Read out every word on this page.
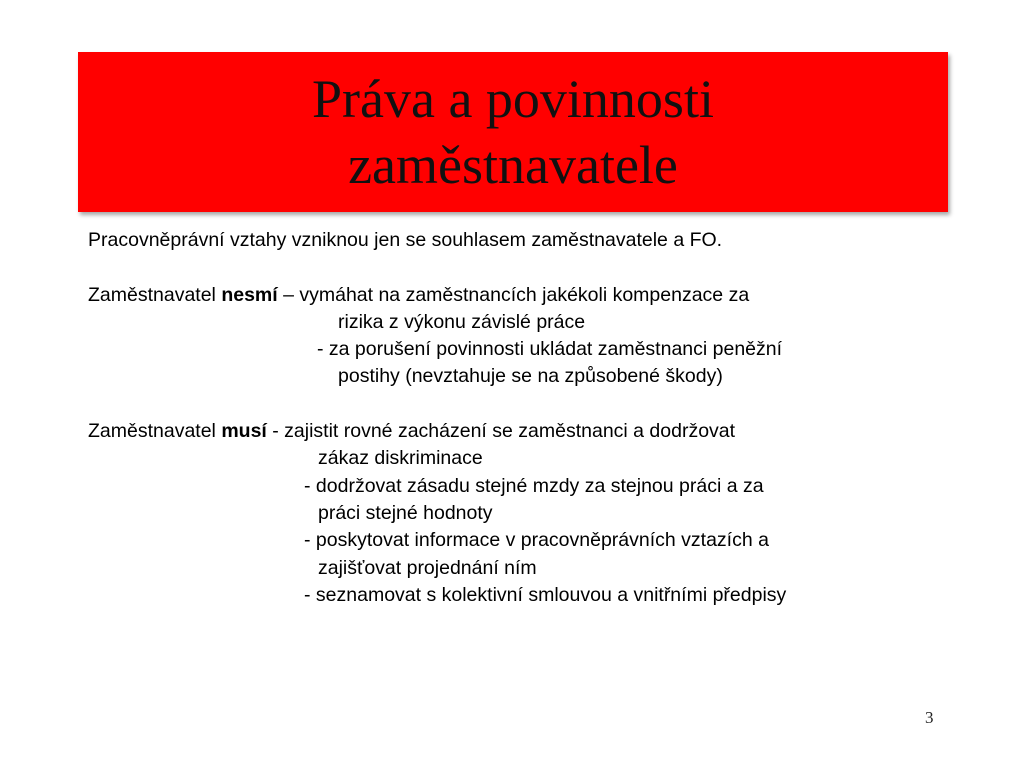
Práva a povinnosti
zaměstnavatele
Pracovněprávní vztahy vzniknou jen se souhlasem zaměstnavatele a FO.
Zaměstnavatel nesmí – vymáhat na zaměstnancích jakékoli kompenzace za
rizika z výkonu závislé práce
- za porušení povinnosti ukládat zaměstnanci peněžní
postihy (nevztahuje se na způsobené škody)
Zaměstnavatel musí - zajistit rovné zacházení se zaměstnanci a dodržovat
zákaz diskriminace
- dodržovat zásadu stejné mzdy za stejnou práci a za
práci stejné hodnoty
- poskytovat informace v pracovněprávních vztazích a
zajišťovat projednání ním
- seznamovat s kolektivní smlouvou a vnitřními předpisy
3
